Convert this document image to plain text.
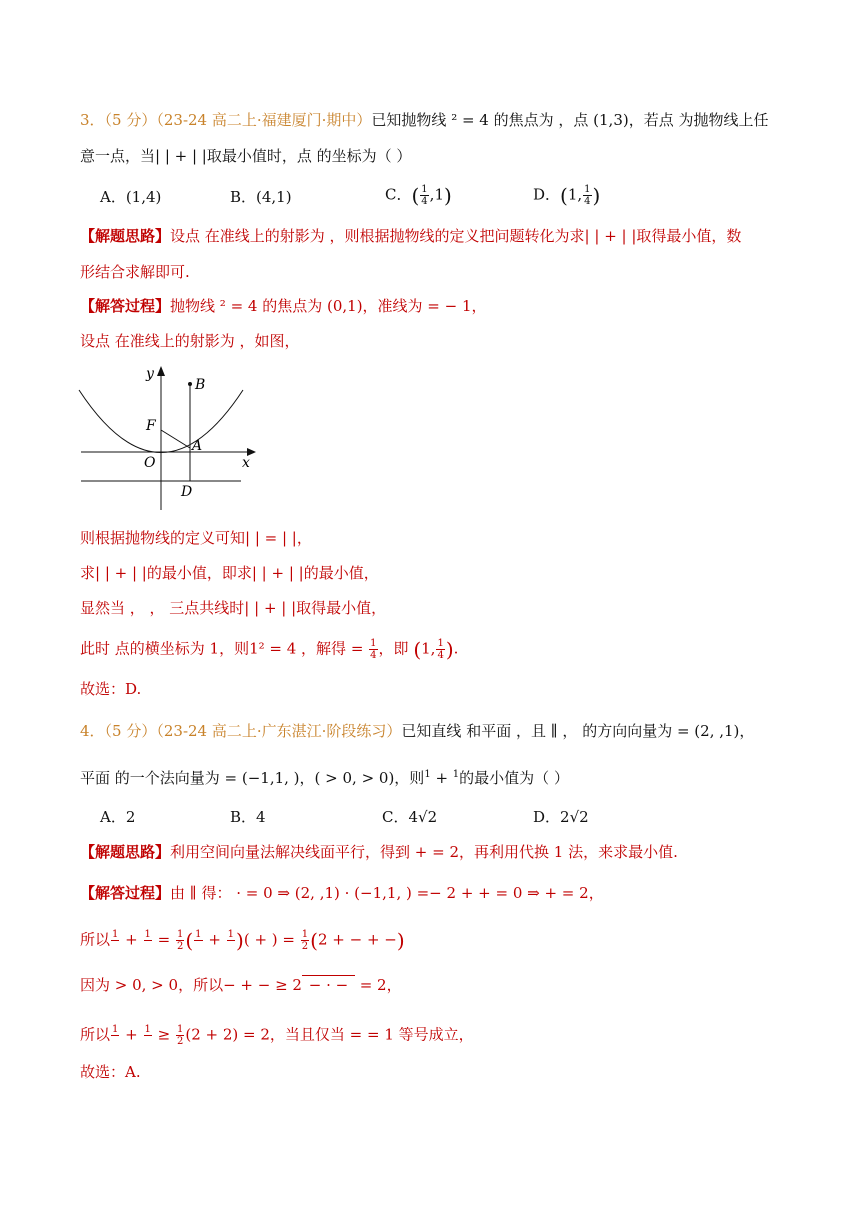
3．（5 分）（23-24 高二上·福建厦门·期中）已知抛物线 ² = 4 的焦点为 ，点 (1,3)，若点 为抛物线上任
意一点，当| | + | |取最小值时，点 的坐标为（ ）
A．(1,4)	B．(4,1)	C．( $\frac{1}{4} ,1$)	D．(1, $\frac{1}{4}$ )
【解题思路】设点 在准线上的射影为 ，则根据抛物线的定义把问题转化为求| | + | |取得最小值，数
形结合求解即可.
【解答过程】抛物线 ² = 4 的焦点为 (0,1)，准线为 = − 1，
设点 在准线上的射影为 ，如图，
y
x
B
F
A
O
D
则根据抛物线的定义可知| | = | |，
求| | + | |的最小值，即求| | + | |的最小值，
显然当 ， ， 三点共线时| | + | |取得最小值，
此时 点的横坐标为 1，则1² = 4 ，解得 = $\frac{1}{4}$ ，即 (1, $\frac{1}{4}$ ).
故选：D.
4．（5 分）（23-24 高二上·广东湛江·阶段练习）已知直线 和平面 ，且 ∥ ， 的方向向量为 = (2, ,1)，
平面 的一个法向量为 = (−1,1, )，( > 0, > 0)，则$^1$ + $^1$的最小值为（ ）
A．2	B．4	C．4√2	D．2√2
【解题思路】利用空间向量法解决线面平行，得到 + = 2，再利用代换 1 法，来求最小值.
【解答过程】由 ∥ 得： · = 0 ⇒ (2, ,1) · (−1,1, ) =− 2 + + = 0 ⇒ + = 2，
所以 1
+ 1
= $\frac{1}{2}$ ( 1
+ 1
)( + ) = $\frac{1}{2} (2$ + − + −)
因为 > 0, > 0，所以− + − ≥ 2 − · −  = 2，
所以 1
+ 1
≥ $\frac{1}{2} (2 + 2) = 2$，当且仅当 = = 1 等号成立，
故选：A.
